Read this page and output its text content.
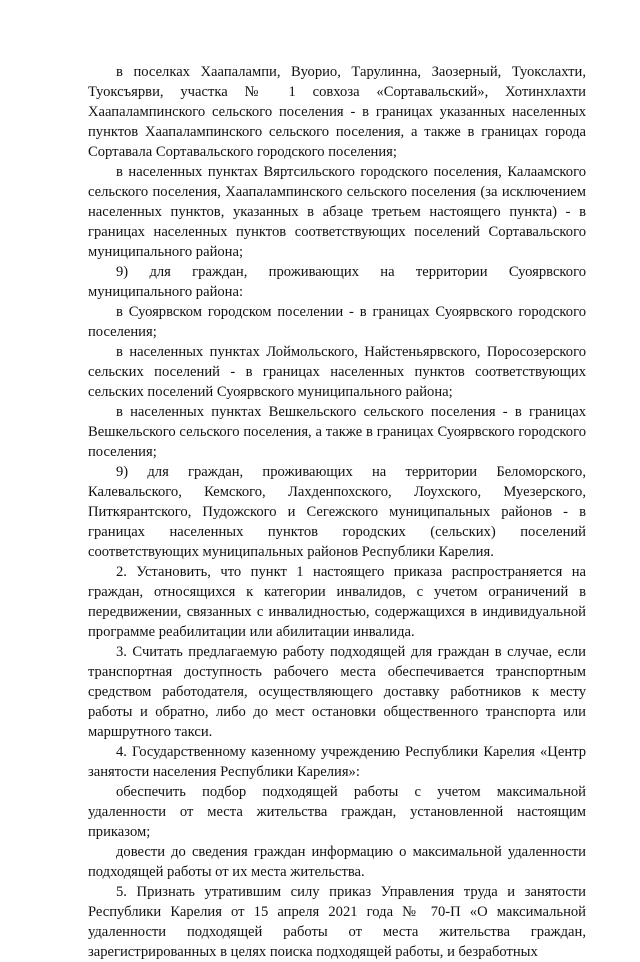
в поселках Хаапалампи, Вуорио, Тарулинна, Заозерный, Туокслахти, Туоксъярви, участка № 1 совхоза «Сортавальский», Хотинхлахти Хаапалампинского сельского поселения - в границах указанных населенных пунктов Хаапалампинского сельского поселения, а также в границах города Сортавала Сортавальского городского поселения;

в населенных пунктах Вяртсильского городского поселения, Калаамского сельского поселения, Хаапалампинского сельского поселения (за исключением населенных пунктов, указанных в абзаце третьем настоящего пункта) - в границах населенных пунктов соответствующих поселений Сортавальского муниципального района;

9) для граждан, проживающих на территории Суоярвского муниципального района:

в Суоярвском городском поселении - в границах Суоярвского городского поселения;

в населенных пунктах Лоймольского, Найстеньярвского, Поросозерского сельских поселений - в границах населенных пунктов соответствующих сельских поселений Суоярвского муниципального района;

в населенных пунктах Вешкельского сельского поселения - в границах Вешкельского сельского поселения, а также в границах Суоярвского городского поселения;

9) для граждан, проживающих на территории Беломорского, Калевальского, Кемского, Лахденпохского, Лоухского, Муезерского, Питкярантского, Пудожского и Сегежского муниципальных районов - в границах населенных пунктов городских (сельских) поселений соответствующих муниципальных районов Республики Карелия.

2. Установить, что пункт 1 настоящего приказа распространяется на граждан, относящихся к категории инвалидов, с учетом ограничений в передвижении, связанных с инвалидностью, содержащихся в индивидуальной программе реабилитации или абилитации инвалида.

3. Считать предлагаемую работу подходящей для граждан в случае, если транспортная доступность рабочего места обеспечивается транспортным средством работодателя, осуществляющего доставку работников к месту работы и обратно, либо до мест остановки общественного транспорта или маршрутного такси.

4. Государственному казенному учреждению Республики Карелия «Центр занятости населения Республики Карелия»:

обеспечить подбор подходящей работы с учетом максимальной удаленности от места жительства граждан, установленной настоящим приказом;

довести до сведения граждан информацию о максимальной удаленности подходящей работы от их места жительства.

5. Признать утратившим силу приказ Управления труда и занятости Республики Карелия от 15 апреля 2021 года № 70-П «О максимальной удаленности подходящей работы от места жительства граждан, зарегистрированных в целях поиска подходящей работы, и безработных
